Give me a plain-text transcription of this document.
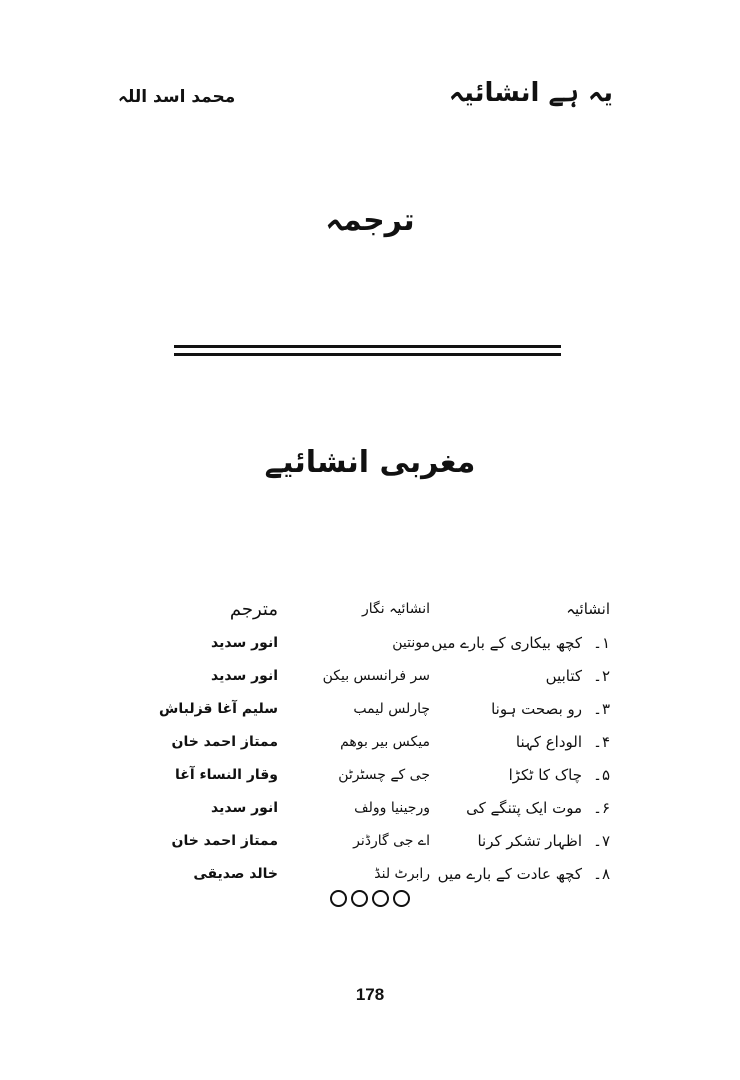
یہ ہے انشائیہ
محمد اسد اللہ
ترجمہ
مغربی انشائیے
انشائیہ
انشائیہ نگار
مترجم
۱۔
کچھ بیکاری کے بارے میں
مونتین
انور سدید
۲۔
کتابیں
سر فرانسس بیکن
انور سدید
۳۔
رو بصحت ہونا
چارلس لیمب
سلیم آغا قزلباش
۴۔
الوداع کہنا
میکس بیر بوھم
ممتاز احمد خان
۵۔
چاک کا ٹکڑا
جی کے چسٹرٹن
وقار النساء آغا
۶۔
موت ایک پتنگے کی
ورجینیا وولف
انور سدید
۷۔
اظہار تشکر کرنا
اے جی گارڈنر
ممتاز احمد خان
۸۔
کچھ عادت کے بارے میں
رابرٹ لنڈ
خالد صدیقی
178
